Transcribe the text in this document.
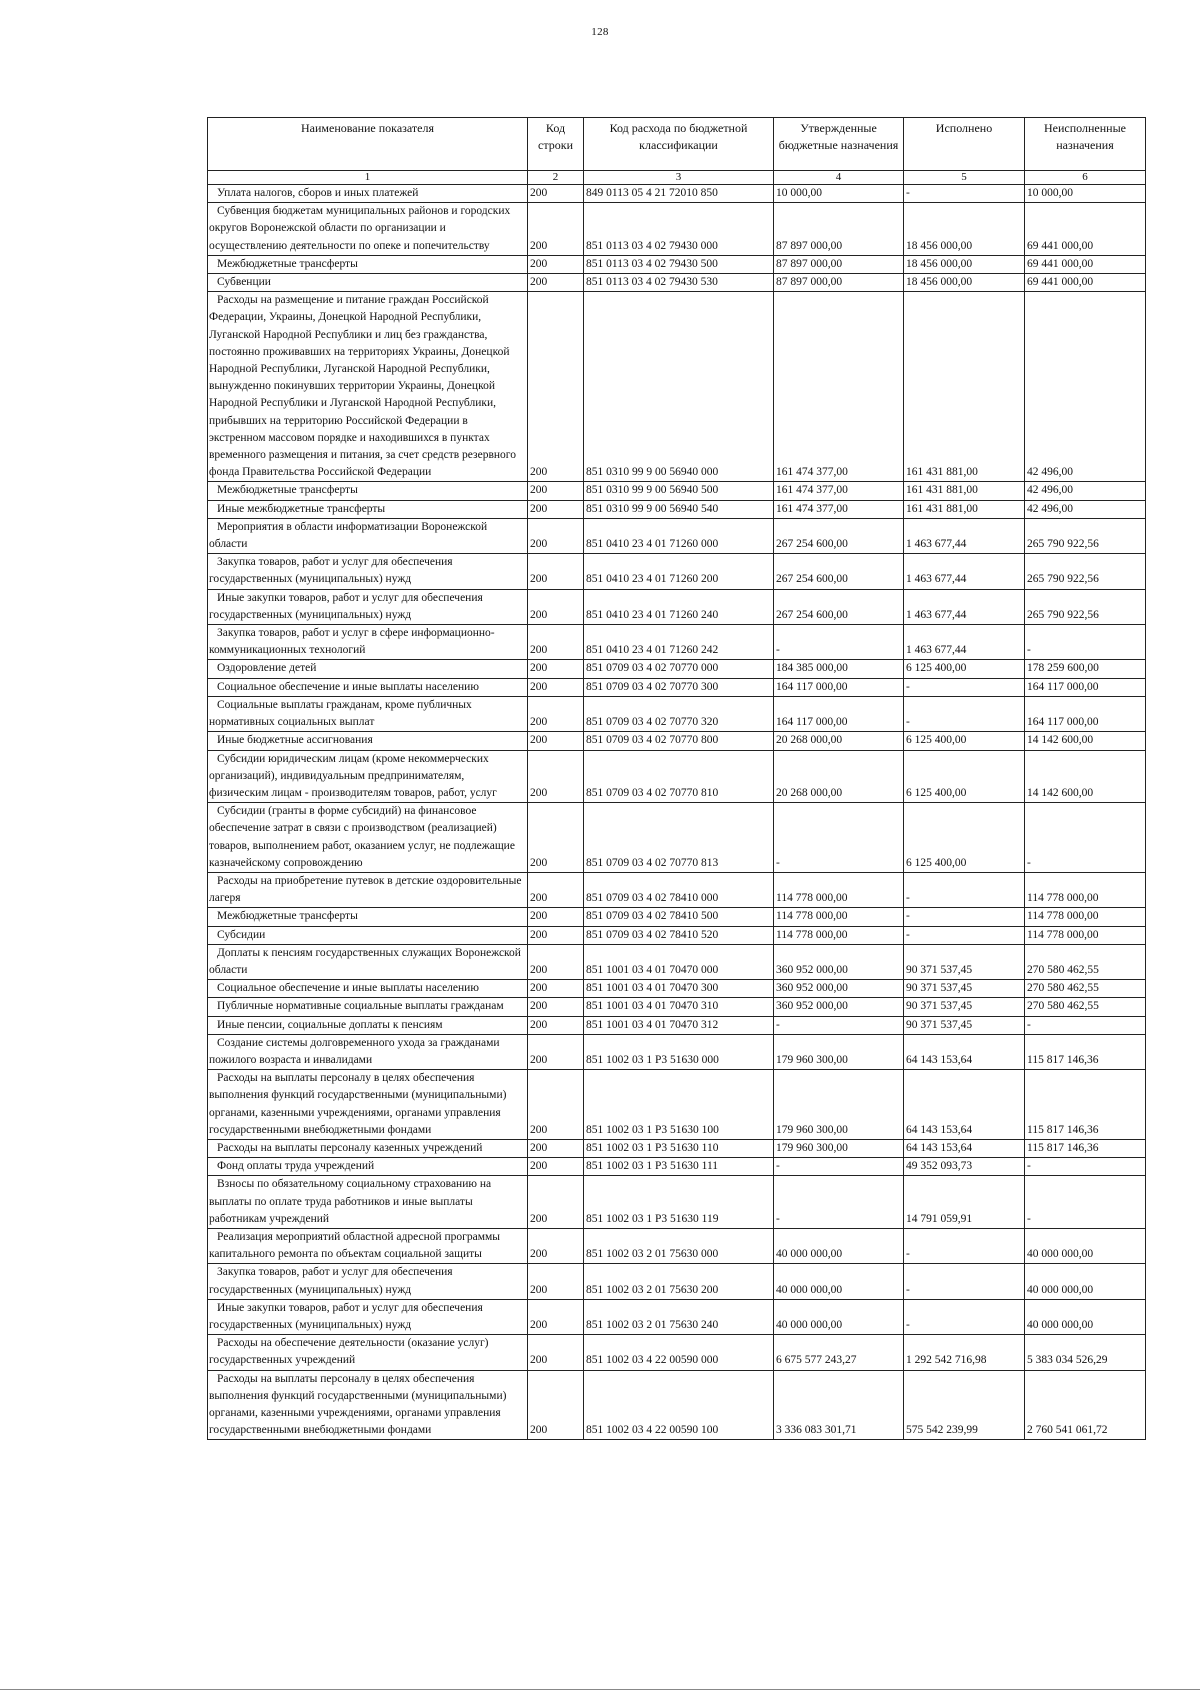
128
Наименование показателя	Код строки	Код расхода по бюджетной классификации	Утвержденные бюджетные назначения	Исполнено	Неисполненные назначения
1	2	3	4	5	6
Уплата налогов, сборов и иных платежей	200	849 0113 05 4 21 72010 850	10 000,00	-	10 000,00
Субвенция бюджетам муниципальных районов и городских округов Воронежской области по организации и осуществлению деятельности по опеке и попечительству	200	851 0113 03 4 02 79430 000	87 897 000,00	18 456 000,00	69 441 000,00
Межбюджетные трансферты	200	851 0113 03 4 02 79430 500	87 897 000,00	18 456 000,00	69 441 000,00
Субвенции	200	851 0113 03 4 02 79430 530	87 897 000,00	18 456 000,00	69 441 000,00
Расходы на размещение и питание граждан Российской Федерации, Украины, Донецкой Народной Республики, Луганской Народной Республики и лиц без гражданства, постоянно проживавших на территориях Украины, Донецкой Народной Республики, Луганской Народной Республики, вынужденно покинувших территории Украины, Донецкой Народной Республики и Луганской Народной Республики, прибывших на территорию Российской Федерации в экстренном массовом порядке и находившихся в пунктах временного размещения и питания, за счет средств резервного фонда Правительства Российской Федерации	200	851 0310 99 9 00 56940 000	161 474 377,00	161 431 881,00	42 496,00
Межбюджетные трансферты	200	851 0310 99 9 00 56940 500	161 474 377,00	161 431 881,00	42 496,00
Иные межбюджетные трансферты	200	851 0310 99 9 00 56940 540	161 474 377,00	161 431 881,00	42 496,00
Мероприятия в области информатизации Воронежской области	200	851 0410 23 4 01 71260 000	267 254 600,00	1 463 677,44	265 790 922,56
Закупка товаров, работ и услуг для обеспечения государственных (муниципальных) нужд	200	851 0410 23 4 01 71260 200	267 254 600,00	1 463 677,44	265 790 922,56
Иные закупки товаров, работ и услуг для обеспечения государственных (муниципальных) нужд	200	851 0410 23 4 01 71260 240	267 254 600,00	1 463 677,44	265 790 922,56
Закупка товаров, работ и услуг в сфере информационно-коммуникационных технологий	200	851 0410 23 4 01 71260 242	-	1 463 677,44	-
Оздоровление детей	200	851 0709 03 4 02 70770 000	184 385 000,00	6 125 400,00	178 259 600,00
Социальное обеспечение и иные выплаты населению	200	851 0709 03 4 02 70770 300	164 117 000,00	-	164 117 000,00
Социальные выплаты гражданам, кроме публичных нормативных социальных выплат	200	851 0709 03 4 02 70770 320	164 117 000,00	-	164 117 000,00
Иные бюджетные ассигнования	200	851 0709 03 4 02 70770 800	20 268 000,00	6 125 400,00	14 142 600,00
Субсидии юридическим лицам (кроме некоммерческих организаций), индивидуальным предпринимателям, физическим лицам - производителям товаров, работ, услуг	200	851 0709 03 4 02 70770 810	20 268 000,00	6 125 400,00	14 142 600,00
Субсидии (гранты в форме субсидий) на финансовое обеспечение затрат в связи с производством (реализацией) товаров, выполнением работ, оказанием услуг, не подлежащие казначейскому сопровождению	200	851 0709 03 4 02 70770 813	-	6 125 400,00	-
Расходы на приобретение путевок в детские оздоровительные лагеря	200	851 0709 03 4 02 78410 000	114 778 000,00	-	114 778 000,00
Межбюджетные трансферты	200	851 0709 03 4 02 78410 500	114 778 000,00	-	114 778 000,00
Субсидии	200	851 0709 03 4 02 78410 520	114 778 000,00	-	114 778 000,00
Доплаты к пенсиям государственных служащих Воронежской области	200	851 1001 03 4 01 70470 000	360 952 000,00	90 371 537,45	270 580 462,55
Социальное обеспечение и иные выплаты населению	200	851 1001 03 4 01 70470 300	360 952 000,00	90 371 537,45	270 580 462,55
Публичные нормативные социальные выплаты гражданам	200	851 1001 03 4 01 70470 310	360 952 000,00	90 371 537,45	270 580 462,55
Иные пенсии, социальные доплаты к пенсиям	200	851 1001 03 4 01 70470 312	-	90 371 537,45	-
Создание системы долговременного ухода за гражданами пожилого возраста и инвалидами	200	851 1002 03 1 P3 51630 000	179 960 300,00	64 143 153,64	115 817 146,36
Расходы на выплаты персоналу в целях обеспечения выполнения функций государственными (муниципальными) органами, казенными учреждениями, органами управления государственными внебюджетными фондами	200	851 1002 03 1 P3 51630 100	179 960 300,00	64 143 153,64	115 817 146,36
Расходы на выплаты персоналу казенных учреждений	200	851 1002 03 1 P3 51630 110	179 960 300,00	64 143 153,64	115 817 146,36
Фонд оплаты труда учреждений	200	851 1002 03 1 P3 51630 111	-	49 352 093,73	-
Взносы по обязательному социальному страхованию на выплаты по оплате труда работников и иные выплаты работникам учреждений	200	851 1002 03 1 P3 51630 119	-	14 791 059,91	-
Реализация мероприятий областной адресной программы капитального ремонта по объектам социальной защиты	200	851 1002 03 2 01 75630 000	40 000 000,00	-	40 000 000,00
Закупка товаров, работ и услуг для обеспечения государственных (муниципальных) нужд	200	851 1002 03 2 01 75630 200	40 000 000,00	-	40 000 000,00
Иные закупки товаров, работ и услуг для обеспечения государственных (муниципальных) нужд	200	851 1002 03 2 01 75630 240	40 000 000,00	-	40 000 000,00
Расходы на обеспечение деятельности (оказание услуг) государственных учреждений	200	851 1002 03 4 22 00590 000	6 675 577 243,27	1 292 542 716,98	5 383 034 526,29
Расходы на выплаты персоналу в целях обеспечения выполнения функций государственными (муниципальными) органами, казенными учреждениями, органами управления государственными внебюджетными фондами	200	851 1002 03 4 22 00590 100	3 336 083 301,71	575 542 239,99	2 760 541 061,72
